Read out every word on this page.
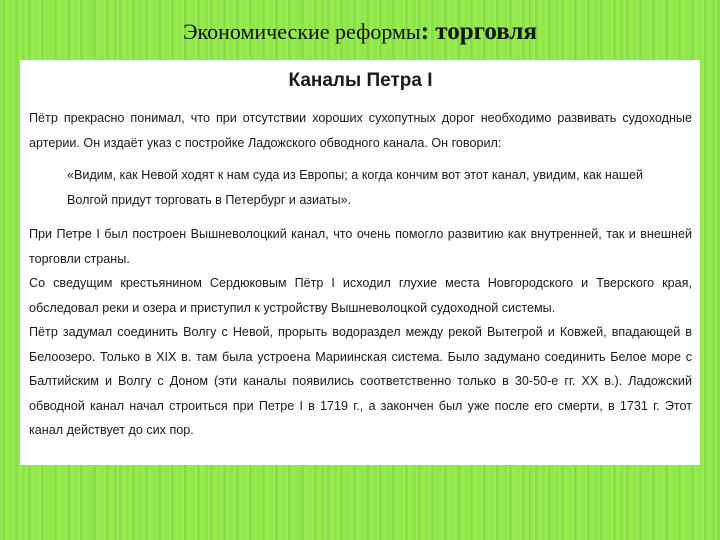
Экономические реформы: торговля
Каналы Петра I

Пётр прекрасно понимал, что при отсутствии хороших сухопутных дорог необходимо развивать судоходные артерии. Он издаёт указ с постройке Ладожского обводного канала. Он говорил:

«Видим, как Невой ходят к нам суда из Европы; а когда кончим вот этот канал, увидим, как нашей Волгой придут торговать в Петербург и азиаты».

При Петре I был построен Вышневолоцкий канал, что очень помогло развитию как внутренней, так и внешней торговли страны.

Со сведущим крестьянином Сердюковым Пётр I исходил глухие места Новгородского и Тверского края, обследовал реки и озера и приступил к устройству Вышневолоцкой судоходной системы.

Пётр задумал соединить Волгу с Невой, прорыть водораздел между рекой Вытегрой и Ковжей, впадающей в Белоозеро. Только в XIX в. там была устроена Мариинская система. Было задумано соединить Белое море с Балтийским и Волгу с Доном (эти каналы появились соответственно только в 30-50-е гг. XX в.). Ладожский обводной канал начал строиться при Петре I в 1719 г., а закончен был уже после его смерти, в 1731 г. Этот канал действует до сих пор.
